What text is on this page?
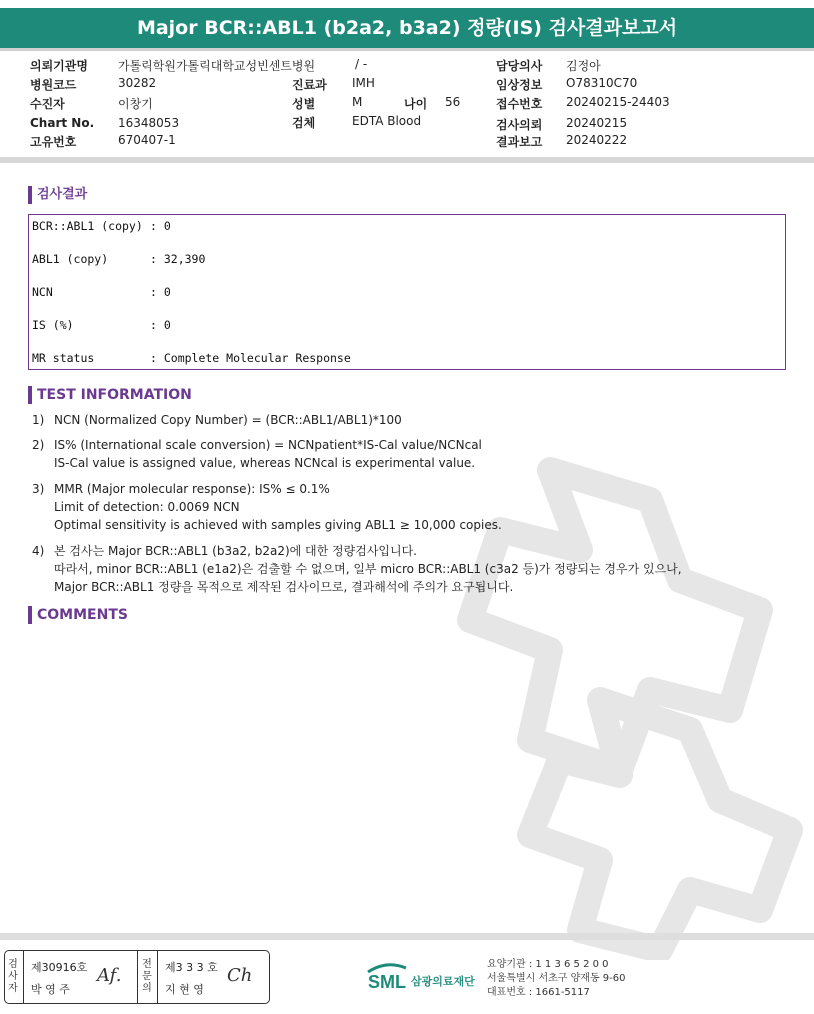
Major BCR::ABL1 (b2a2, b3a2) 정량(IS) 검사결과보고서
의뢰기관명	가톨릭학원가톨릭대학교성빈센트병원	/ -
병원코드	30282	진료과 IMH
수진자	이창기	성별	M	나이 56
Chart No. 16348053	검체	EDTA Blood
고유번호	670407-1
담당의사 김정아
임상정보 O78310C70
접수번호 20240215-24403
검사의뢰 20240215
결과보고 20240222
검사결과
BCR::ABL1 (copy) : 0
ABL1 (copy)	: 32,390
NCN	: 0
IS (%)	: 0
MR status	: Complete Molecular Response
TEST INFORMATION
1) NCN (Normalized Copy Number) = (BCR::ABL1/ABL1)*100
2) IS% (International scale conversion) = NCNpatient*IS-Cal value/NCNcal
IS-Cal value is assigned value, whereas NCNcal is experimental value.
3) MMR (Major molecular response): IS% ≤ 0.1%
Limit of detection: 0.0069 NCN
Optimal sensitivity is achieved with samples giving ABL1 ≥ 10,000 copies.
4) 본 검사는 Major BCR::ABL1 (b3a2, b2a2)에 대한 정량검사입니다.
따라서, minor BCR::ABL1 (e1a2)은 검출할 수 없으며, 일부 micro BCR::ABL1 (c3a2 등)가 정량되는 경우가 있으나,
Major BCR::ABL1 정량을 목적으로 제작된 검사이므로, 결과해석에 주의가 요구됩니다.
COMMENTS
검
사
자
제30916호
박 영 주
Af.
전
문
의
제3 3 3 호
지 현 영
Ch	SML 삼광의료재단
요양기관 : 1 1 3 6 5 2 0 0
서울특별시 서초구 양재동 9-60
대표번호 : 1661-5117
